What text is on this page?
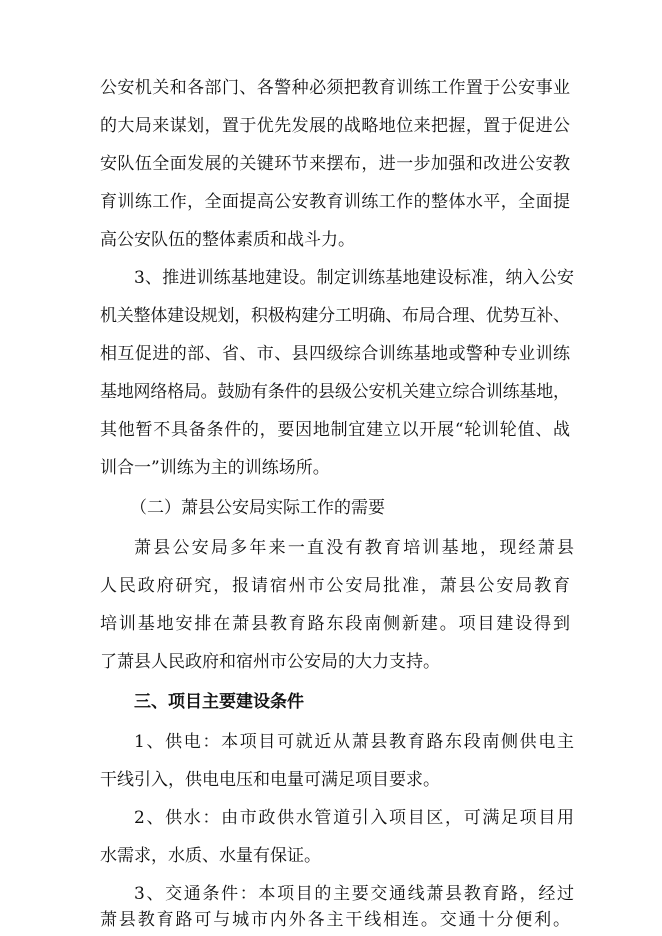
公安机关和各部门、各警种必须把教育训练工作置于公安事业
的大局来谋划，置于优先发展的战略地位来把握，置于促进公
安队伍全面发展的关键环节来摆布，进一步加强和改进公安教
育训练工作，全面提高公安教育训练工作的整体水平，全面提
高公安队伍的整体素质和战斗力。
3、推进训练基地建设。制定训练基地建设标准，纳入公安
机关整体建设规划，积极构建分工明确、布局合理、优势互补、
相互促进的部、省、市、县四级综合训练基地或警种专业训练
基地网络格局。鼓励有条件的县级公安机关建立综合训练基地，
其他暂不具备条件的，要因地制宜建立以开展“轮训轮值、战
训合一”训练为主的训练场所。
（二）萧县公安局实际工作的需要
萧县公安局多年来一直没有教育培训基地，现经萧县
人民政府研究，报请宿州市公安局批准，萧县公安局教育
培训基地安排在萧县教育路东段南侧新建。项目建设得到
了萧县人民政府和宿州市公安局的大力支持。
三、项目主要建设条件
1、供电：本项目可就近从萧县教育路东段南侧供电主
干线引入，供电电压和电量可满足项目要求。
2、供水：由市政供水管道引入项目区，可满足项目用
水需求，水质、水量有保证。
3、交通条件：本项目的主要交通线萧县教育路，经过
萧县教育路可与城市内外各主干线相连。交通十分便利。
